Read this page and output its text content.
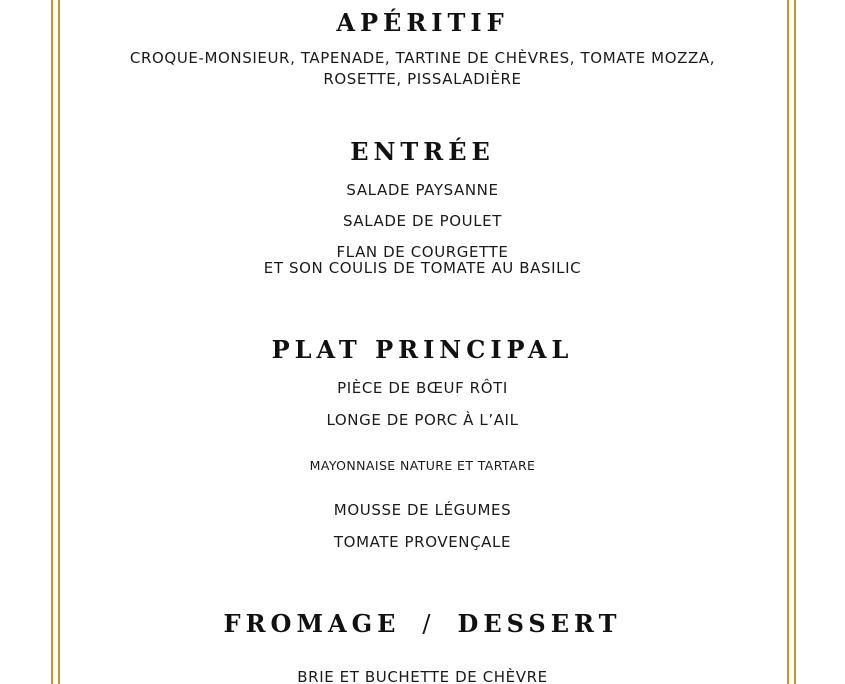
APÉRITIF
CROQUE-MONSIEUR, TAPENADE, TARTINE DE CHÈVRES, TOMATE MOZZA,
ROSETTE, PISSALADIÈRE
ENTRÉE
SALADE PAYSANNE
SALADE DE POULET
FLAN DE COURGETTE
ET SON COULIS DE TOMATE AU BASILIC
PLAT PRINCIPAL
PIÈCE DE BŒUF RÔTI
LONGE DE PORC À L’AIL
MAYONNAISE NATURE ET TARTARE
MOUSSE DE LÉGUMES
TOMATE PROVENÇALE
FROMAGE / DESSERT
BRIE ET BUCHETTE DE CHÈVRE
